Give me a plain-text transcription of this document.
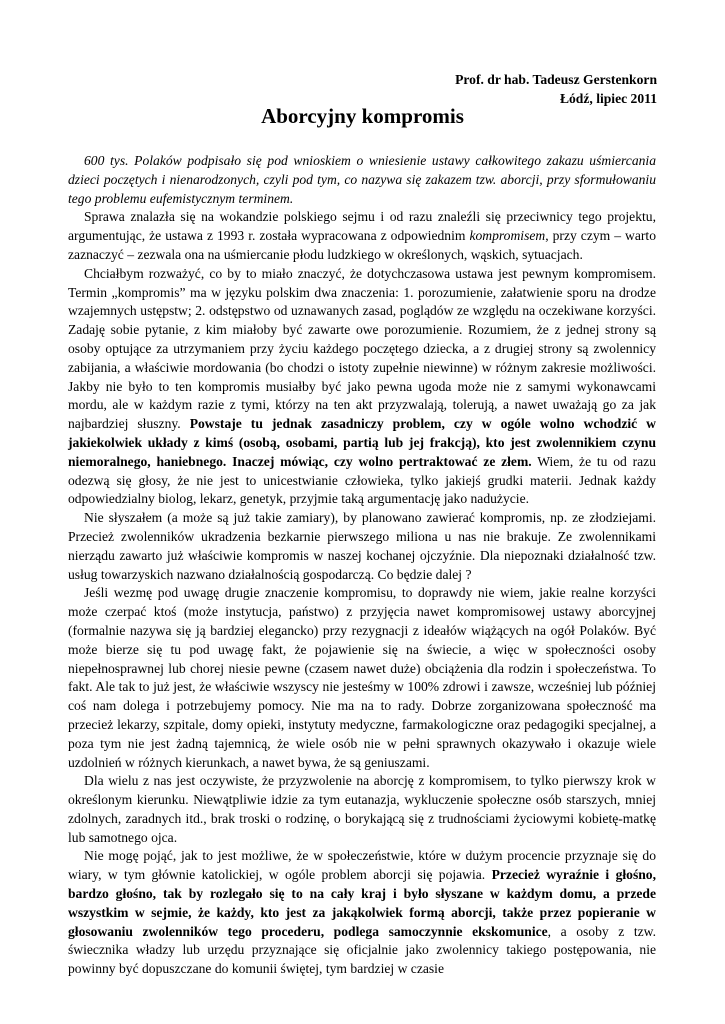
Prof. dr hab. Tadeusz Gerstenkorn
Łódź, lipiec 2011
Aborcyjny kompromis

600 tys. Polaków podpisało się pod wnioskiem o wniesienie ustawy całkowitego zakazu uśmiercania dzieci poczętych i nienarodzonych, czyli pod tym, co nazywa się zakazem tzw. aborcji, przy sformułowaniu tego problemu eufemistycznym terminem.

Sprawa znalazła się na wokandzie polskiego sejmu i od razu znaleźli się przeciwnicy tego projektu, argumentując, że ustawa z 1993 r. została wypracowana z odpowiednim kompromisem, przy czym – warto zaznaczyć – zezwala ona na uśmiercanie płodu ludzkiego w określonych, wąskich, sytuacjach.

Chciałbym rozważyć, co by to miało znaczyć, że dotychczasowa ustawa jest pewnym kompromisem. Termin „kompromis” ma w języku polskim dwa znaczenia: 1. porozumienie, załatwienie sporu na drodze wzajemnych ustępstw; 2. odstępstwo od uznawanych zasad, poglądów ze względu na oczekiwane korzyści. Zadaję sobie pytanie, z kim miałoby być zawarte owe porozumienie. Rozumiem, że z jednej strony są osoby optujące za utrzymaniem przy życiu każdego poczętego dziecka, a z drugiej strony są zwolennicy zabijania, a właściwie mordowania (bo chodzi o istoty zupełnie niewinne) w różnym zakresie możliwości. Jakby nie było to ten kompromis musiałby być jako pewna ugoda może nie z samymi wykonawcami mordu, ale w każdym razie z tymi, którzy na ten akt przyzwalają, tolerują, a nawet uważają go za jak najbardziej słuszny. Powstaje tu jednak zasadniczy problem, czy w ogóle wolno wchodzić w jakiekolwiek układy z kimś (osobą, osobami, partią lub jej frakcją), kto jest zwolennikiem czynu niemoralnego, haniebnego. Inaczej mówiąc, czy wolno pertraktować ze złem. Wiem, że tu od razu odezwą się głosy, że nie jest to unicestwianie człowieka, tylko jakiejś grudki materii. Jednak każdy odpowiedzialny biolog, lekarz, genetyk, przyjmie taką argumentację jako nadużycie.

Nie słyszałem (a może są już takie zamiary), by planowano zawierać kompromis, np. ze złodziejami. Przecież zwolenników ukradzenia bezkarnie pierwszego miliona u nas nie brakuje. Ze zwolennikami nierządu zawarto już właściwie kompromis w naszej kochanej ojczyźnie. Dla niepoznaki działalność tzw. usług towarzyskich nazwano działalnością gospodarczą. Co będzie dalej ?

Jeśli wezmę pod uwagę drugie znaczenie kompromisu, to doprawdy nie wiem, jakie realne korzyści może czerpać ktoś (może instytucja, państwo) z przyjęcia nawet kompromisowej ustawy aborcyjnej (formalnie nazywa się ją bardziej elegancko) przy rezygnacji z ideałów wiążących na ogół Polaków. Być może bierze się tu pod uwagę fakt, że pojawienie się na świecie, a więc w społeczności osoby niepełnosprawnej lub chorej niesie pewne (czasem nawet duże) obciążenia dla rodzin i społeczeństwa. To fakt. Ale tak to już jest, że właściwie wszyscy nie jesteśmy w 100% zdrowi i zawsze, wcześniej lub później coś nam dolega i potrzebujemy pomocy. Nie ma na to rady. Dobrze zorganizowana społeczność ma przecież lekarzy, szpitale, domy opieki, instytuty medyczne, farmakologiczne oraz pedagogiki specjalnej, a poza tym nie jest żadną tajemnicą, że wiele osób nie w pełni sprawnych okazywało i okazuje wiele uzdolnień w różnych kierunkach, a nawet bywa, że są geniuszami.

Dla wielu z nas jest oczywiste, że przyzwolenie na aborcję z kompromisem, to tylko pierwszy krok w określonym kierunku. Niewątpliwie idzie za tym eutanazja, wykluczenie społeczne osób starszych, mniej zdolnych, zaradnych itd., brak troski o rodzinę, o borykającą się z trudnościami życiowymi kobietę-matkę lub samotnego ojca.

Nie mogę pojąć, jak to jest możliwe, że w społeczeństwie, które w dużym procencie przyznaje się do wiary, w tym głównie katolickiej, w ogóle problem aborcji się pojawia. Przecież wyraźnie i głośno, bardzo głośno, tak by rozlegało się to na cały kraj i było słyszane w każdym domu, a przede wszystkim w sejmie, że każdy, kto jest za jakąkolwiek formą aborcji, także przez popieranie w głosowaniu zwolenników tego procederu, podlega samoczynnie ekskomunice, a osoby z tzw. świecznika władzy lub urzędu przyznające się oficjalnie jako zwolennicy takiego postępowania, nie powinny być dopuszczane do komunii świętej, tym bardziej w czasie
